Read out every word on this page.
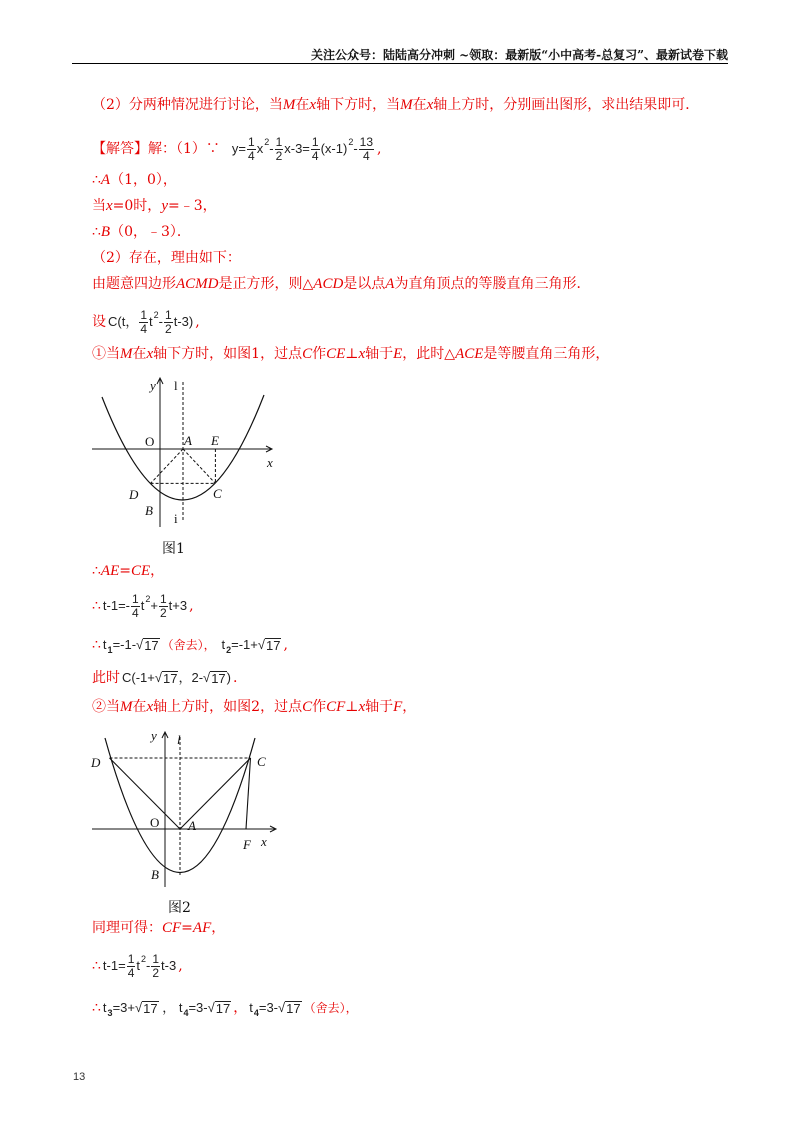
关注公众号：陆陆高分冲刺 ~领取：最新版“小中高考-总复习”、最新试卷下载
（2）分两种情况进行讨论，当 M 在 x 轴下方时，当 M 在 x 轴上方时，分别画出图形，求出结果即可．
【解答】解：（1）∵ $y= \frac{1}{4}$ x $2 - \frac{1}{2} x-3= \frac{1}{4} (x-1)$ $2 - \frac{13}{4}$ ,
∴ A （1，0），
当 x =0时， y =﹣3，
∴ B （0，﹣3）．
（2）存在，理由如下：
由题意四边形 ACMD 是正方形，则△ ACD 是以点 A 为直角顶点的等媵直角三角形．
设 C(t， $\frac{1}{4}$ t $2 - \frac{1}{2} t-3$) ,
①当 M 在 x 轴下方时，如图1，过点 C 作 CE ⊥ x 轴于 E ，此时△ ACE 是等腰直角三角形，
y l
O A E
x
D	C
B
i
图1
∴ AE = CE ，
∴ $t-1=- \frac{1}{4}$ t $2 + \frac{1}{2} t+3$ ,
∴ t 1 =-1- √ 17 （舍去）， t 2 =-1+ √ 17 ,
此时 C(-1+ √ 17 ，2- √ 17 ) .
②当 M 在 x 轴上方时，如图2，过点 C 作 CF ⊥ x 轴于 F ，
y l
D	C
O A
F x
B
图2
同理可得： CF = AF ，
∴ $t-1= \frac{1}{4}$ t $2 - \frac{1}{2} t-3$ ,
∴ t 3 =3+ √ 17 ， t 4 =3- √ 17 ， t 4 =3- √ 17 （舍去），
13
